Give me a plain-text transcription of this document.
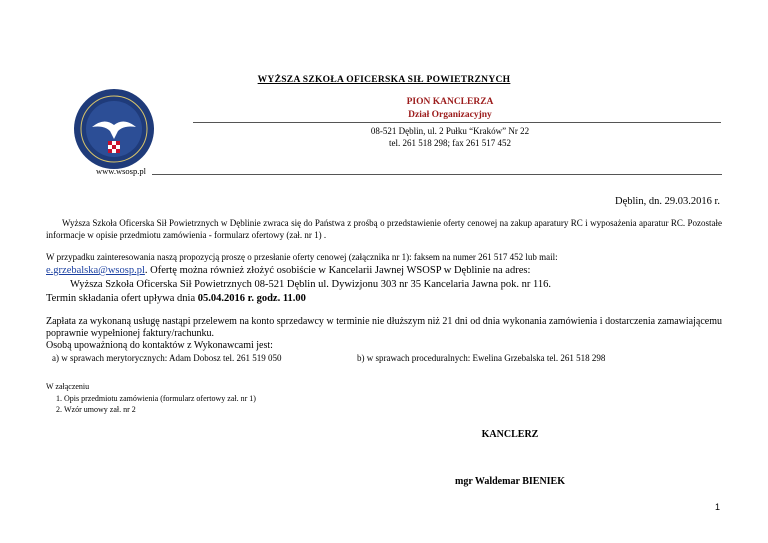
WYŻSZA SZKOŁA OFICERSKA SIŁ POWIETRZNYCH
PION KANCLERZA
Dział Organizacyjny
08-521 Dęblin, ul. 2 Pułku “Kraków” Nr 22
tel. 261 518 298; fax 261 517 452
www.wsosp.pl
Dęblin, dn. 29.03.2016 r.
Wyższa Szkoła Oficerska Sił Powietrznych w Dęblinie zwraca się do Państwa z prośbą o przedstawienie oferty cenowej na zakup aparatury RC i wyposażenia aparatur RC. Pozostałe informacje w opisie przedmiotu zamówienia - formularz ofertowy (zał. nr 1) .
W przypadku zainteresowania naszą propozycją proszę o przesłanie oferty cenowej (załącznika nr 1): faksem na numer 261 517 452 lub mail:
e.grzebalska@wsosp.pl. Ofertę można również złożyć osobiście w Kancelarii Jawnej WSOSP w Dęblinie na adres:
Wyższa Szkoła Oficerska Sił Powietrznych 08-521 Dęblin ul. Dywizjonu 303 nr 35 Kancelaria Jawna pok. nr 116.
Termin składania ofert upływa dnia 05.04.2016 r. godz. 11.00
Zapłata za wykonaną usługę nastąpi przelewem na konto sprzedawcy w terminie nie dłuższym niż 21 dni od dnia wykonania zamówienia i dostarczenia zamawiającemu poprawnie wypełnionej faktury/rachunku.
Osobą upoważnioną do kontaktów z Wykonawcami jest:
a) w sprawach merytorycznych: Adam Dobosz tel. 261 519 050	b) w sprawach proceduralnych: Ewelina Grzebalska tel. 261 518 298
W załączeniu
1. Opis przedmiotu zamówienia (formularz ofertowy zał. nr 1)
2. Wzór umowy zał. nr 2
KANCLERZ
mgr Waldemar BIENIEK
1
